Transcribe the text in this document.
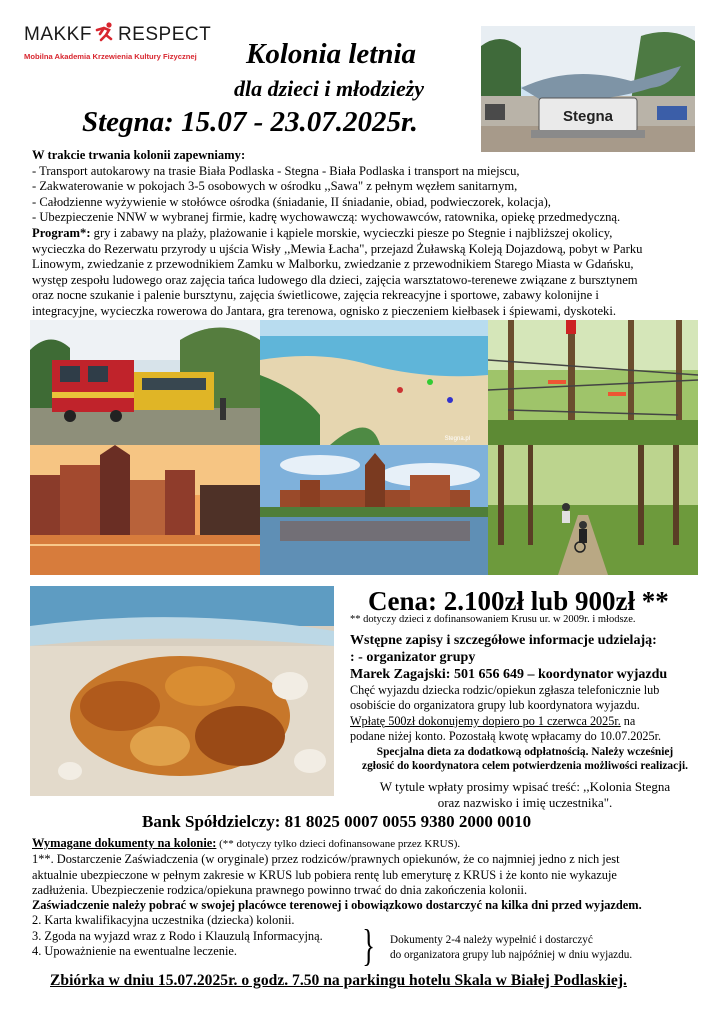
MAKKF RESPECT
Mobilna Akademia Krzewienia Kultury Fizycznej	Kolonia letnia
dla dzieci i młodzieży
Stegna: 15.07 - 23.07.2025r.	Stegna
W trakcie trwania kolonii zapewniamy:
- Transport autokarowy na trasie Biała Podlaska - Stegna - Biała Podlaska i transport na miejscu,
- Zakwaterowanie w pokojach 3-5 osobowych w ośrodku ,,Sawa" z pełnym węzłem sanitarnym,
- Całodzienne wyżywienie w stołówce ośrodka (śniadanie, II śniadanie, obiad, podwieczorek, kolacja),
- Ubezpieczenie NNW w wybranej firmie, kadrę wychowawczą: wychowawców, ratownika, opiekę przedmedyczną.
Program*: gry i zabawy na plaży, plażowanie i kąpiele morskie, wycieczki piesze po Stegnie i najbliższej okolicy,
wycieczka do Rezerwatu przyrody u ujścia Wisły ,,Mewia Łacha", przejazd Żuławską Koleją Dojazdową, pobyt w Parku
Linowym, zwiedzanie z przewodnikiem Zamku w Malborku, zwiedzanie z przewodnikiem Starego Miasta w Gdańsku,
występ zespołu ludowego oraz zajęcia tańca ludowego dla dzieci, zajęcia warsztatowo-terenewe związane z bursztynem
oraz nocne szukanie i palenie bursztynu, zajęcia świetlicowe, zajęcia rekreacyjne i sportowe, zabawy kolonijne i
integracyjne, wycieczka rowerowa do Jantara, gra terenowa, ognisko z pieczeniem kiełbasek i śpiewami, dyskoteki.
Stegna.pl
Cena: 2.100zł lub 900zł **
** dotyczy dzieci z dofinansowaniem Krusu ur. w 2009r. i młodsze.
Wstępne zapisy i szczegółowe informacje udzielają:
: - organizator grupy
Marek Zagajski: 501 656 649 – koordynator wyjazdu
Chęć wyjazdu dziecka rodzic/opiekun zgłasza telefonicznie lub
osobiście do organizatora grupy lub koordynatora wyjazdu.
Wpłatę 500zł dokonujemy dopiero po 1 czerwca 2025r. na
podane niżej konto. Pozostałą kwotę wpłacamy do 10.07.2025r.
Specjalna dieta za dodatkową odpłatnością. Należy wcześniej
zgłosić do koordynatora celem potwierdzenia możliwości realizacji.
W tytule wpłaty prosimy wpisać treść: ,,Kolonia Stegna
oraz nazwisko i imię uczestnika".
Bank Spółdzielczy: 81 8025 0007 0055 9380 2000 0010
Wymagane dokumenty na kolonie: (** dotyczy tylko dzieci dofinansowane przez KRUS).
1**. Dostarczenie Zaświadczenia (w oryginale) przez rodziców/prawnych opiekunów, że co najmniej jedno z nich jest
aktualnie ubezpieczone w pełnym zakresie w KRUS lub pobiera rentę lub emeryturę z KRUS i że konto nie wykazuje
zadłużenia. Ubezpieczenie rodzica/opiekuna prawnego powinno trwać do dnia zakończenia kolonii.
Zaświadczenie należy pobrać w swojej placówce terenowej i obowiązkowo dostarczyć na kilka dni przed wyjazdem.
2. Karta kwalifikacyjna uczestnika (dziecka) kolonii.
3. Zgoda na wyjazd wraz z Rodo i Klauzulą Informacyjną.
4. Upoważnienie na ewentualne leczenie.	} Dokumenty 2-4 należy wypełnić i dostarczyć
do organizatora grupy lub najpóźniej w dniu wyjazdu.
Zbiórka w dniu 15.07.2025r. o godz. 7.50 na parkingu hotelu Skala w Białej Podlaskiej.
